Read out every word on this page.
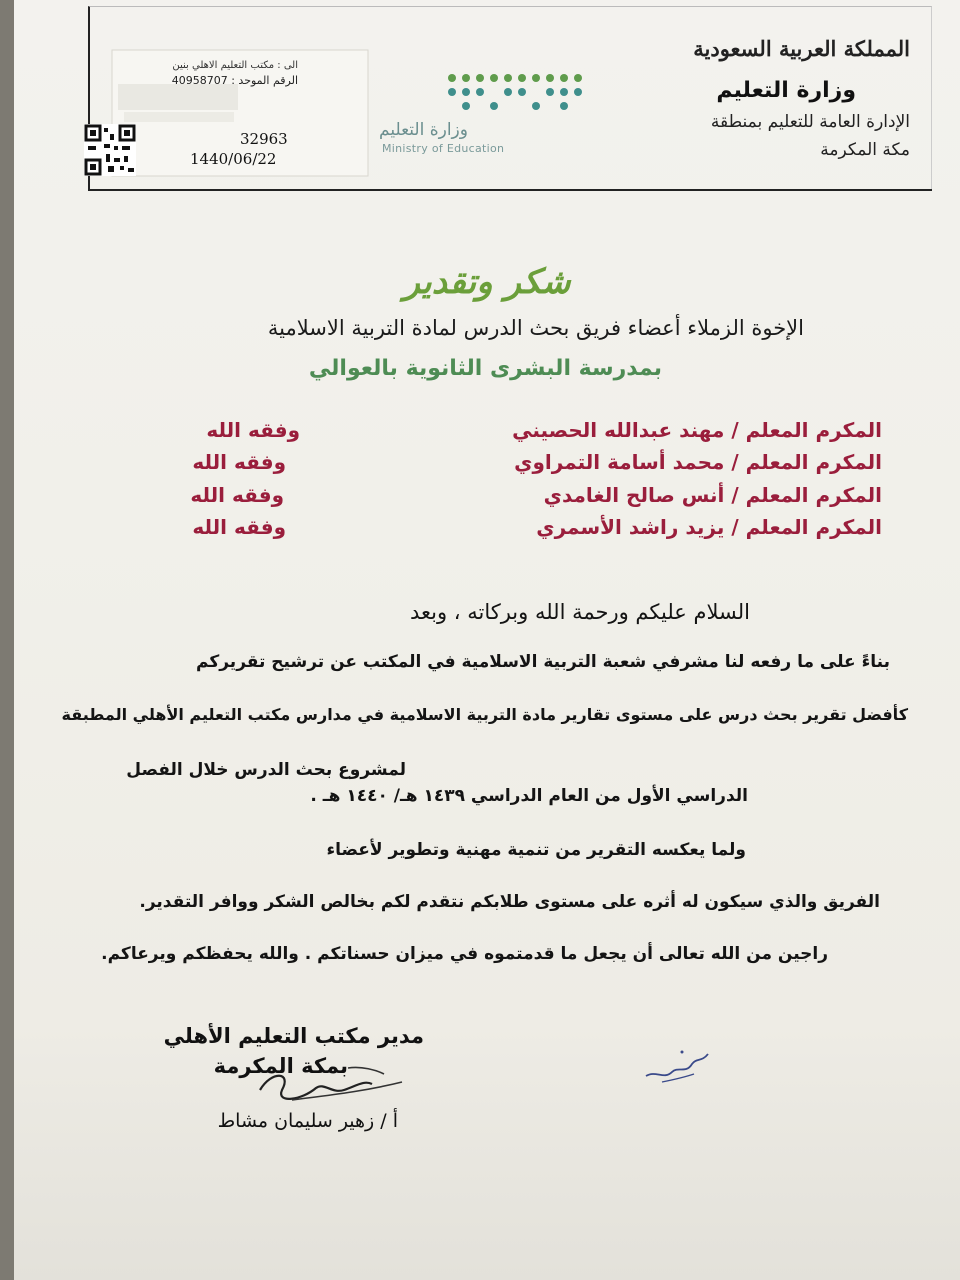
المملكة العربية السعودية
وزارة التعليم
الإدارة العامة للتعليم بمنطقة مكة المكرمة
وزارة التعليم
Ministry of Education
الى : مكتب التعليم الاهلي بنين
الرقم الموحد : 40958707
32963
1440/06/22
شكر وتقدير
الإخوة الزملاء أعضاء فريق بحث الدرس لمادة التربية الاسلامية
بمدرسة البشرى الثانوية بالعوالي
المكرم المعلم / مهند عبدالله الحصيني
وفقه الله
المكرم المعلم / محمد أسامة التمراوي
وفقه الله
المكرم المعلم / أنس صالح الغامدي
وفقه الله
المكرم المعلم / يزيد راشد الأسمري
وفقه الله
السلام عليكم ورحمة الله وبركاته ، وبعد
بناءً على ما رفعه لنا مشرفي شعبة التربية الاسلامية في المكتب عن ترشيح تقريركم
كأفضل تقرير بحث درس على مستوى تقارير مادة التربية الاسلامية في مدارس مكتب التعليم الأهلي المطبقة
لمشروع بحث الدرس خلال الفصل
الدراسي الأول من العام الدراسي ١٤٣٩ هـ/ ١٤٤٠ هـ .
ولما يعكسه التقرير من تنمية مهنية وتطوير لأعضاء
الفريق والذي سيكون له أثره على مستوى طلابكم نتقدم لكم بخالص الشكر ووافر التقدير.
راجين من الله تعالى أن يجعل ما قدمتموه في ميزان حسناتكم . والله يحفظكم ويرعاكم.
مدير مكتب التعليم الأهلي
بمكة المكرمة
أ / زهير سليمان مشاط
